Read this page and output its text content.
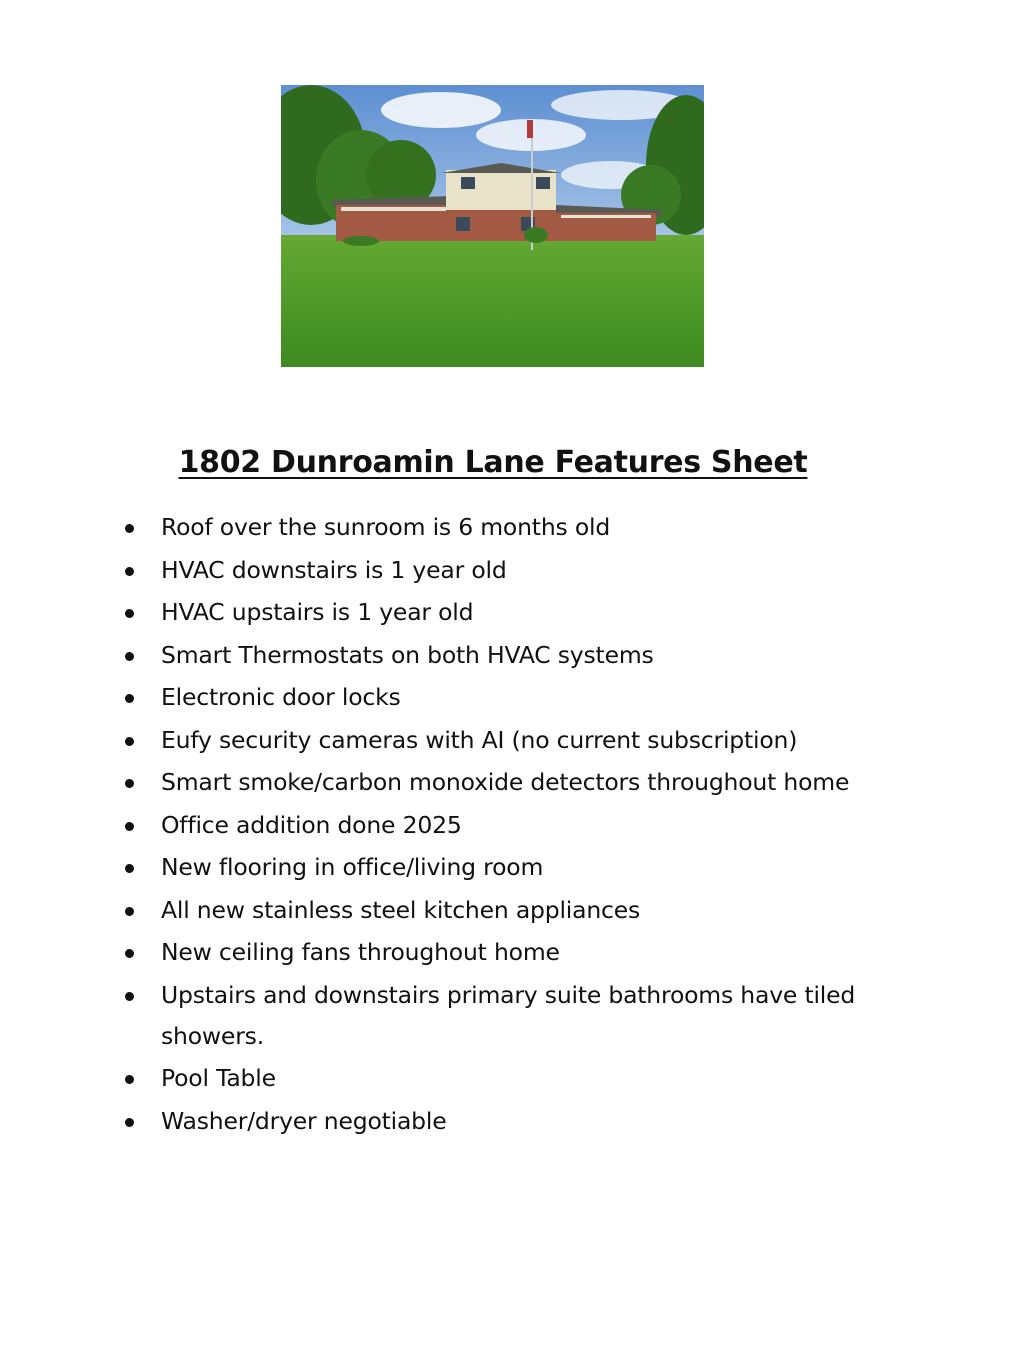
1802 Dunroamin Lane Features Sheet
Roof over the sunroom is 6 months old
HVAC downstairs is 1 year old
HVAC upstairs is 1 year old
Smart Thermostats on both HVAC systems
Electronic door locks
Eufy security cameras with AI (no current subscription)
Smart smoke/carbon monoxide detectors throughout home
Office addition done 2025
New flooring in office/living room
All new stainless steel kitchen appliances
New ceiling fans throughout home
Upstairs and downstairs primary suite bathrooms have tiled showers.
Pool Table
Washer/dryer negotiable
